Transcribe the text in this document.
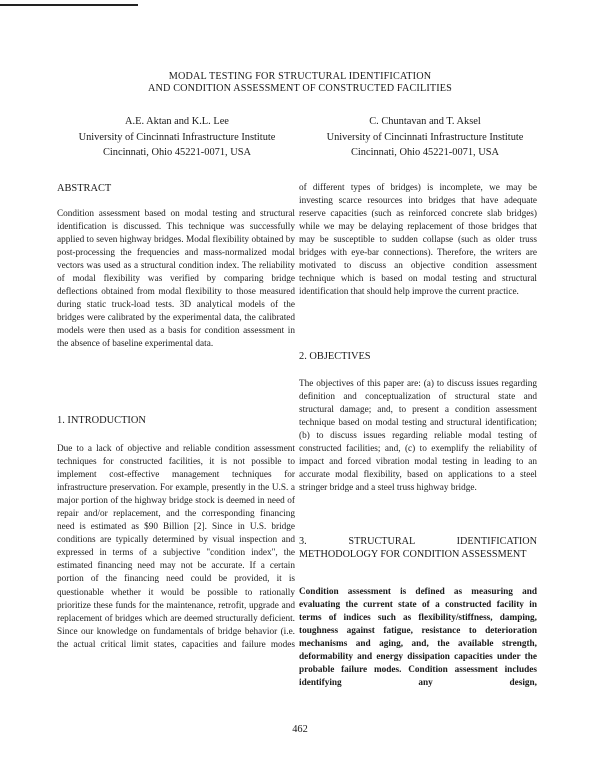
MODAL TESTING FOR STRUCTURAL IDENTIFICATION
AND CONDITION ASSESSMENT OF CONSTRUCTED FACILITIES
A.E. Aktan and K.L. Lee
University of Cincinnati Infrastructure Institute
Cincinnati, Ohio 45221-0071, USA
C. Chuntavan and T. Aksel
University of Cincinnati Infrastructure Institute
Cincinnati, Ohio 45221-0071, USA
ABSTRACT
Condition assessment based on modal testing and structural identification is discussed. This technique was successfully applied to seven highway bridges. Modal flexibility obtained by post-processing the frequencies and mass-normalized modal vectors was used as a structural condition index. The reliability of modal flexibility was verified by comparing bridge deflections obtained from modal flexibility to those measured during static truck-load tests. 3D analytical models of the bridges were calibrated by the experimental data, the calibrated models were then used as a basis for condition assessment in the absence of baseline experimental data.
1. INTRODUCTION
Due to a lack of objective and reliable condition assessment techniques for constructed facilities, it is not possible to implement cost-effective management techniques for infrastructure preservation. For example, presently in the U.S. a major portion of the highway bridge stock is deemed in need of repair and/or replacement, and the corresponding financing need is estimated as $90 Billion [2]. Since in U.S. bridge conditions are typically determined by visual inspection and expressed in terms of a subjective "condition index", the estimated financing need may not be accurate. If a certain portion of the financing need could be provided, it is questionable whether it would be possible to rationally prioritize these funds for the maintenance, retrofit, upgrade and replacement of bridges which are deemed structurally deficient. Since our knowledge on fundamentals of bridge behavior (i.e. the actual critical limit states, capacities and failure modes
of different types of bridges) is incomplete, we may be investing scarce resources into bridges that have adequate reserve capacities (such as reinforced concrete slab bridges) while we may be delaying replacement of those bridges that may be susceptible to sudden collapse (such as older truss bridges with eye-bar connections). Therefore, the writers are motivated to discuss an objective condition assessment technique which is based on modal testing and structural identification that should help improve the current practice.
2. OBJECTIVES
The objectives of this paper are: (a) to discuss issues regarding definition and conceptualization of structural state and structural damage; and, to present a condition assessment technique based on modal testing and structural identification; (b) to discuss issues regarding reliable modal testing of constructed facilities; and, (c) to exemplify the reliability of impact and forced vibration modal testing in leading to an accurate modal flexibility, based on applications to a steel stringer bridge and a steel truss highway bridge.
3. STRUCTURAL IDENTIFICATION METHODOLOGY FOR CONDITION ASSESSMENT
Condition assessment is defined as measuring and evaluating the current state of a constructed facility in terms of indices such as flexibility/stiffness, damping, toughness against fatigue, resistance to deterioration mechanisms and aging, and, the available strength, deformability and energy dissipation capacities under the probable failure modes. Condition assessment includes identifying any design,
462
